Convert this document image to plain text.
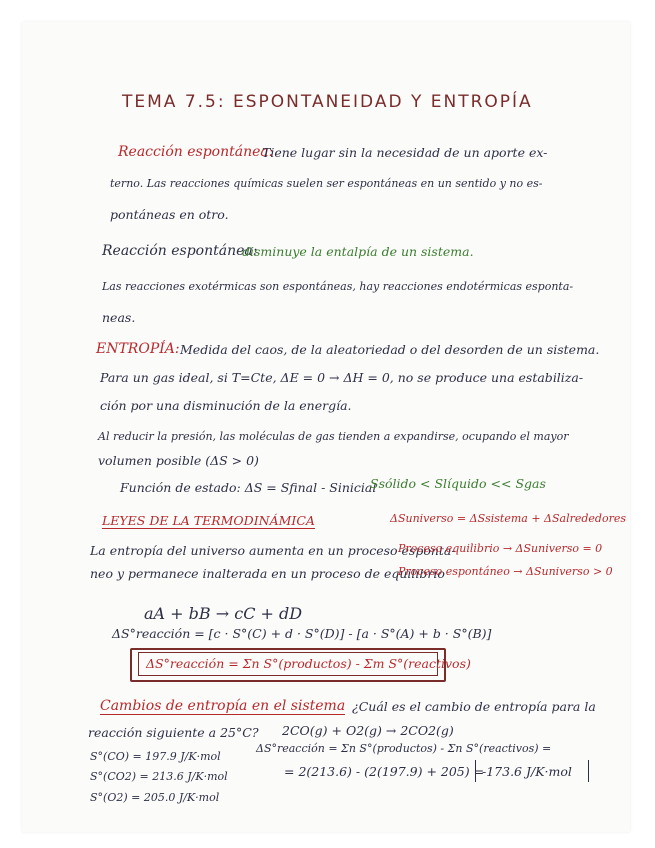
TEMA 7.5: ESPONTANEIDAD Y ENTROPÍA
Reacción espontánea:
Tiene lugar sin la necesidad de un aporte ex-
terno. Las reacciones químicas suelen ser espontáneas en un sentido y no es-
pontáneas en otro.
Reacción espontánea:
disminuye la entalpía de un sistema.
Las reacciones exotérmicas son espontáneas, hay reacciones endotérmicas esponta-
neas.
ENTROPÍA: Medida del caos, de la aleatoriedad o del desorden de un sistema.
Para un gas ideal, si T=Cte, ΔE = 0 → ΔH = 0, no se produce una estabiliza-
ción por una disminución de la energía.
Al reducir la presión, las moléculas de gas tienden a expandirse, ocupando el mayor
volumen posible (ΔS > 0)
Función de estado: ΔS = Sfinal - Sinicial
Ssólido < Slíquido << Sgas
LEYES DE LA TERMODINÁMICA	ΔSuniverso = ΔSsistema + ΔSalrededores
La entropía del universo aumenta en un proceso esponta-
neo y permanece inalterada en un proceso de equilibrio
Proceso equilibrio → ΔSuniverso = 0
Proceso espontáneo → ΔSuniverso > 0
aA + bB → cC + dD
ΔS°reacción = [c · S°(C) + d · S°(D)] - [a · S°(A) + b · S°(B)]
ΔS°reacción = Σn S°(productos) - Σm S°(reactivos)
Cambios de entropía en el sistema ¿Cuál es el cambio de entropía para la
reacción siguiente a 25°C? 2CO(g) + O2(g) → 2CO2(g)
S°(CO) = 197.9 J/K·mol
S°(CO2) = 213.6 J/K·mol
S°(O2) = 205.0 J/K·mol
ΔS°reacción = Σn S°(productos) - Σn S°(reactivos) =
= 2(213.6) - (2(197.9) + 205) =
-173.6 J/K·mol
